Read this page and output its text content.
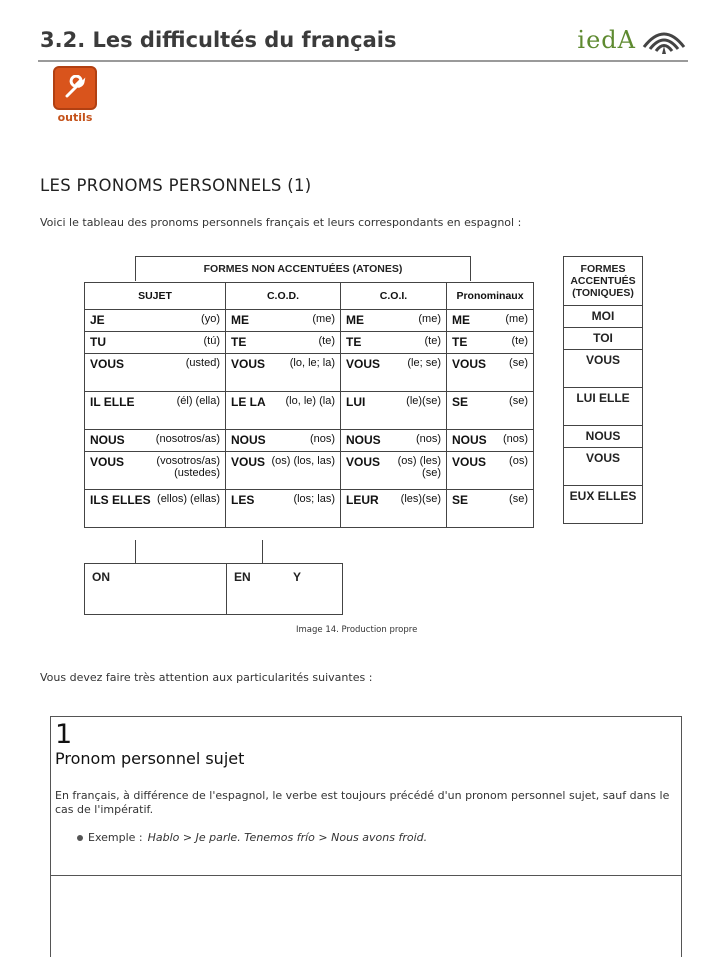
3.2. Les difficultés du français	iedA
outils
LES PRONOMS PERSONNELS (1)
Voici le tableau des pronoms personnels français et leurs correspondants en espagnol :
FORMES NON ACCENTUÉES (ATONES)
SUJET	C.O.D.	C.O.I.	Pronominaux

JE (yo)	ME (me)	ME (me)	ME (me)

TU (tú)	TE (te)	TE (te)	TE (te)

VOUS (usted)	VOUS (lo, le; la)	VOUS (le; se)	VOUS (se)

IL ELLE (él) (ella)	LE LA (lo, le) (la)	LUI (le)(se)	SE (se)

NOUS (nosotros/as)	NOUS (nos)	NOUS (nos)	NOUS (nos)

VOUS (vosotros/as) (ustedes)	VOUS (os) (los, las)	VOUS (os) (les)(se)	VOUS (os)

ILS ELLES (ellos) (ellas)	LES (los; las)	LEUR (les)(se)	SE (se)
FORMES ACCENTUÉS (TONIQUES)
MOI
TOI
VOUS
LUI ELLE
NOUS
VOUS
EUX ELLES
ON	EN	Y
Image 14. Production propre
Vous devez faire très attention aux particularités suivantes :
1
Pronom personnel sujet
En français, à différence de l'espagnol, le verbe est toujours précédé d'un pronom personnel sujet, sauf dans le cas de l'impératif.
Exemple : Hablo > Je parle. Tenemos frío > Nous avons froid.
